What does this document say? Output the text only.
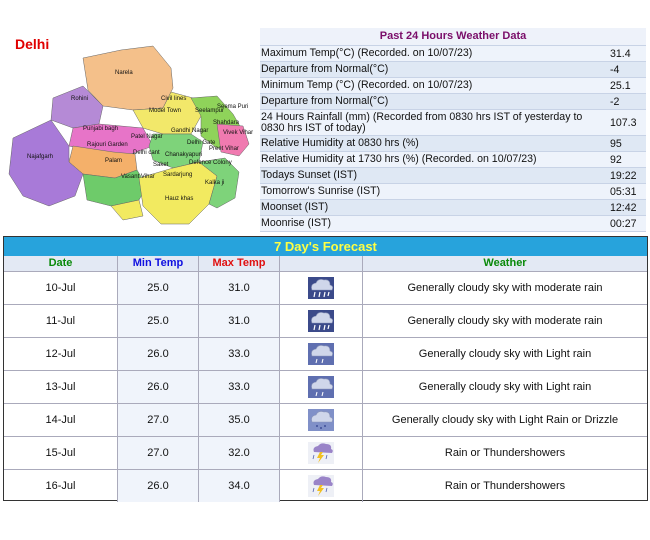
Narela
Rohini	Civil lines
Model Town Seelampur
Seema Puri
Shahdara
Vivek Vihar
Punjabi bagh
Patel Nagar
Gandhi Nagar
Preet Vihar
Rajouri Garden
Delhi cant Chanakyapuri
Delhi Gate
Najafgarh
Palam
Saket
Sardarjung
Defence Colony
Vasant Vihar
Kalka ji
Hauz khas
Delhi	Past 24 Hours Weather Data
Maximum Temp(°C) (Recorded. on 10/07/23)	31.4
Departure from Normal(°C)	-4
Minimum Temp (°C) (Recorded. on 10/07/23)	25.1
Departure from Normal(°C)	-2
24 Hours Rainfall (mm) (Recorded from 0830 hrs IST of yesterday to 0830 hrs IST of today)	107.3
Relative Humidity at 0830 hrs (%)	95
Relative Humidity at 1730 hrs (%) (Recorded. on 10/07/23)	92
Todays Sunset (IST)	19:22
Tomorrow's Sunrise (IST)	05:31
Moonset (IST)	12:42
Moonrise (IST)	00:27
7 Day's Forecast
Date	Min Temp	Max Temp	Weather
10-Jul	25.0	31.0	Generally cloudy sky with moderate rain
11-Jul	25.0	31.0	Generally cloudy sky with moderate rain
12-Jul	26.0	33.0	Generally cloudy sky with Light rain
13-Jul	26.0	33.0	Generally cloudy sky with Light rain
14-Jul	27.0	35.0	Generally cloudy sky with Light Rain or Drizzle
15-Jul	27.0	32.0	Rain or Thundershowers
16-Jul	26.0	34.0	Rain or Thundershowers
